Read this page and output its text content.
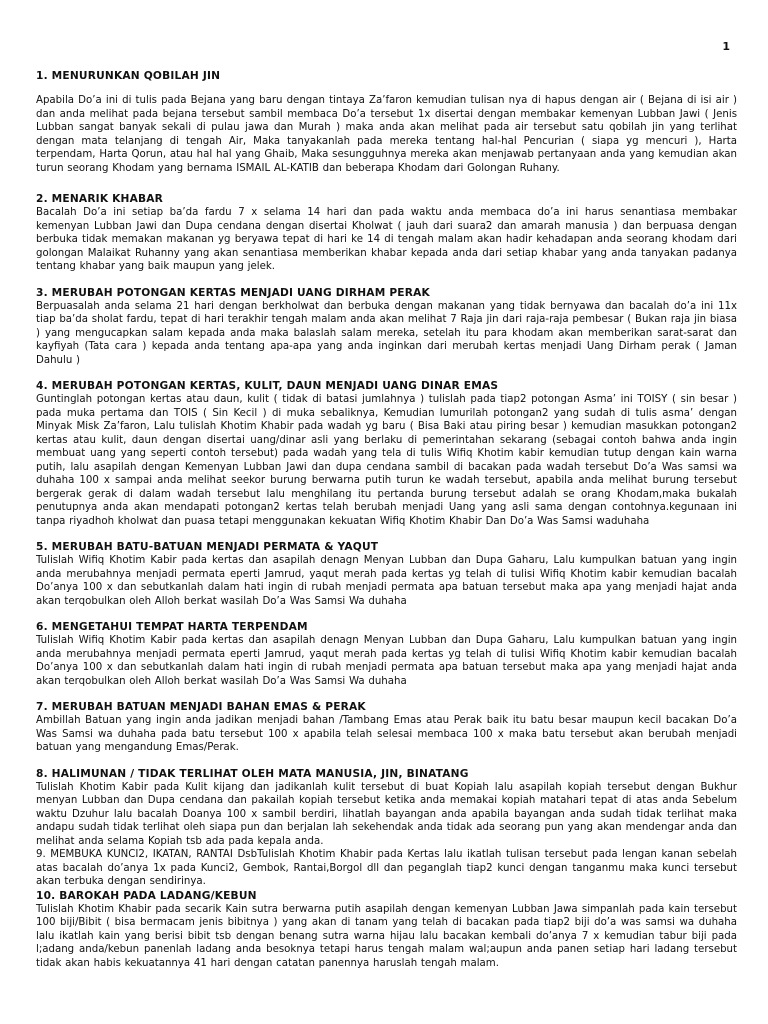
1

1. MENURUNKAN QOBILAH JIN

Apabila Do’a ini di tulis pada Bejana yang baru dengan tintaya Za’faron kemudian tulisan nya di hapus dengan air ( Bejana di isi air ) dan anda melihat pada bejana tersebut sambil membaca Do’a tersebut 1x disertai dengan membakar kemenyan Lubban Jawi ( Jenis Lubban sangat banyak sekali di pulau jawa dan Murah ) maka anda akan melihat pada air tersebut satu qobilah jin yang terlihat dengan mata telanjang di tengah Air, Maka tanyakanlah pada mereka tentang hal-hal Pencurian ( siapa yg mencuri ), Harta terpendam, Harta Qorun, atau hal hal yang Ghaib, Maka sesungguhnya mereka akan menjawab pertanyaan anda yang kemudian akan turun seorang Khodam yang bernama ISMAIL AL-KATIB dan beberapa Khodam dari Golongan Ruhany.

2. MENARIK KHABAR

Bacalah Do’a ini setiap ba’da fardu 7 x selama 14 hari dan pada waktu anda membaca do’a ini harus senantiasa membakar kemenyan Lubban Jawi dan Dupa cendana dengan disertai Kholwat ( jauh dari suara2 dan amarah manusia ) dan berpuasa dengan berbuka tidak memakan makanan yg beryawa tepat di hari ke 14 di tengah malam akan hadir kehadapan anda seorang khodam dari golongan Malaikat Ruhanny yang akan senantiasa memberikan khabar kepada anda dari setiap khabar yang anda tanyakan padanya tentang khabar yang baik maupun yang jelek.

3. MERUBAH POTONGAN KERTAS MENJADI UANG DIRHAM PERAK

Berpuasalah anda selama 21 hari dengan berkholwat dan berbuka dengan makanan yang tidak bernyawa dan bacalah do’a ini 11x tiap ba’da sholat fardu, tepat di hari terakhir tengah malam anda akan melihat 7 Raja jin dari raja-raja pembesar ( Bukan raja jin biasa ) yang mengucapkan salam kepada anda maka balaslah salam mereka, setelah itu para khodam akan memberikan sarat-sarat dan kayfiyah (Tata cara ) kepada anda tentang apa-apa yang anda inginkan dari merubah kertas menjadi Uang Dirham perak ( Jaman Dahulu )

4. MERUBAH POTONGAN KERTAS, KULIT, DAUN MENJADI UANG DINAR EMAS

Guntinglah potongan kertas atau daun, kulit ( tidak di batasi jumlahnya ) tulislah pada tiap2 potongan Asma’ ini TOISY ( sin besar ) pada muka pertama dan TOIS ( Sin Kecil ) di muka sebaliknya, Kemudian lumurilah potongan2 yang sudah di tulis asma’ dengan Minyak Misk Za’faron, Lalu tulislah Khotim Khabir pada wadah yg baru ( Bisa Baki atau piring besar ) kemudian masukkan potongan2 kertas atau kulit, daun dengan disertai uang/dinar asli yang berlaku di pemerintahan sekarang (sebagai contoh bahwa anda ingin membuat uang yang seperti contoh tersebut) pada wadah yang tela di tulis Wifiq Khotim kabir kemudian tutup dengan kain warna putih, lalu asapilah dengan Kemenyan Lubban Jawi dan dupa cendana sambil di bacakan pada wadah tersebut Do’a Was samsi wa duhaha 100 x sampai anda melihat seekor burung berwarna putih turun ke wadah tersebut, apabila anda melihat burung tersebut bergerak gerak di dalam wadah tersebut lalu menghilang itu pertanda burung tersebut adalah se orang Khodam,maka bukalah penutupnya anda akan mendapati potongan2 kertas telah berubah menjadi Uang yang asli sama dengan contohnya.kegunaan ini tanpa riyadhoh kholwat dan puasa tetapi menggunakan kekuatan Wifiq Khotim Khabir Dan Do’a Was Samsi waduhaha

5. MERUBAH BATU-BATUAN MENJADI PERMATA & YAQUT

Tulislah Wifiq Khotim Kabir pada kertas dan asapilah denagn Menyan Lubban dan Dupa Gaharu, Lalu kumpulkan batuan yang ingin anda merubahnya menjadi permata eperti Jamrud, yaqut merah pada kertas yg telah di tulisi Wifiq Khotim kabir kemudian bacalah Do’anya 100 x dan sebutkanlah dalam hati ingin di rubah menjadi permata apa batuan tersebut maka apa yang menjadi hajat anda akan terqobulkan oleh Alloh berkat wasilah Do’a Was Samsi Wa duhaha

6. MENGETAHUI TEMPAT HARTA TERPENDAM

Tulislah Wifiq Khotim Kabir pada kertas dan asapilah denagn Menyan Lubban dan Dupa Gaharu, Lalu kumpulkan batuan yang ingin anda merubahnya menjadi permata eperti Jamrud, yaqut merah pada kertas yg telah di tulisi Wifiq Khotim kabir kemudian bacalah Do’anya 100 x dan sebutkanlah dalam hati ingin di rubah menjadi permata apa batuan tersebut maka apa yang menjadi hajat anda akan terqobulkan oleh Alloh berkat wasilah Do’a Was Samsi Wa duhaha

7. MERUBAH BATUAN MENJADI BAHAN EMAS & PERAK

Ambillah Batuan yang ingin anda jadikan menjadi bahan /Tambang Emas atau Perak baik itu batu besar maupun kecil bacakan Do’a Was Samsi wa duhaha pada batu tersebut 100 x apabila telah selesai membaca 100 x maka batu tersebut akan berubah menjadi batuan yang mengandung Emas/Perak.

8. HALIMUNAN / TIDAK TERLIHAT OLEH MATA MANUSIA, JIN, BINATANG

Tulislah Khotim Kabir pada Kulit kijang dan jadikanlah kulit tersebut di buat Kopiah lalu asapilah kopiah tersebut dengan Bukhur menyan Lubban dan Dupa cendana dan pakailah kopiah tersebut ketika anda memakai kopiah matahari tepat di atas anda Sebelum waktu Dzuhur lalu bacalah Doanya 100 x sambil berdiri, lihatlah bayangan anda apabila bayangan anda sudah tidak terlihat maka andapu sudah tidak terlihat oleh siapa pun dan berjalan lah sekehendak anda tidak ada seorang pun yang akan mendengar anda dan melihat anda selama Kopiah tsb ada pada kepala anda.

9. MEMBUKA KUNCI2, IKATAN, RANTAI DsbTulislah Khotim Khabir pada Kertas lalu ikatlah tulisan tersebut pada lengan kanan sebelah atas bacalah do’anya 1x pada Kunci2, Gembok, Rantai,Borgol dll dan peganglah tiap2 kunci dengan tanganmu maka kunci tersebut akan terbuka dengan sendirinya.

10. BAROKAH PADA LADANG/KEBUN

Tulislah Khotim Khabir pada secarik Kain sutra berwarna putih asapilah dengan kemenyan Lubban Jawa simpanlah pada kain tersebut 100 biji/Bibit ( bisa bermacam jenis bibitnya ) yang akan di tanam yang telah di bacakan pada tiap2 biji do’a was samsi wa duhaha lalu ikatlah kain yang berisi bibit tsb dengan benang sutra warna hijau lalu bacakan kembali do’anya 7 x kemudian tabur biji pada l;adang anda/kebun panenlah ladang anda besoknya tetapi harus tengah malam wal;aupun anda panen setiap hari ladang tersebut tidak akan habis kekuatannya 41 hari dengan catatan panennya haruslah tengah malam.
